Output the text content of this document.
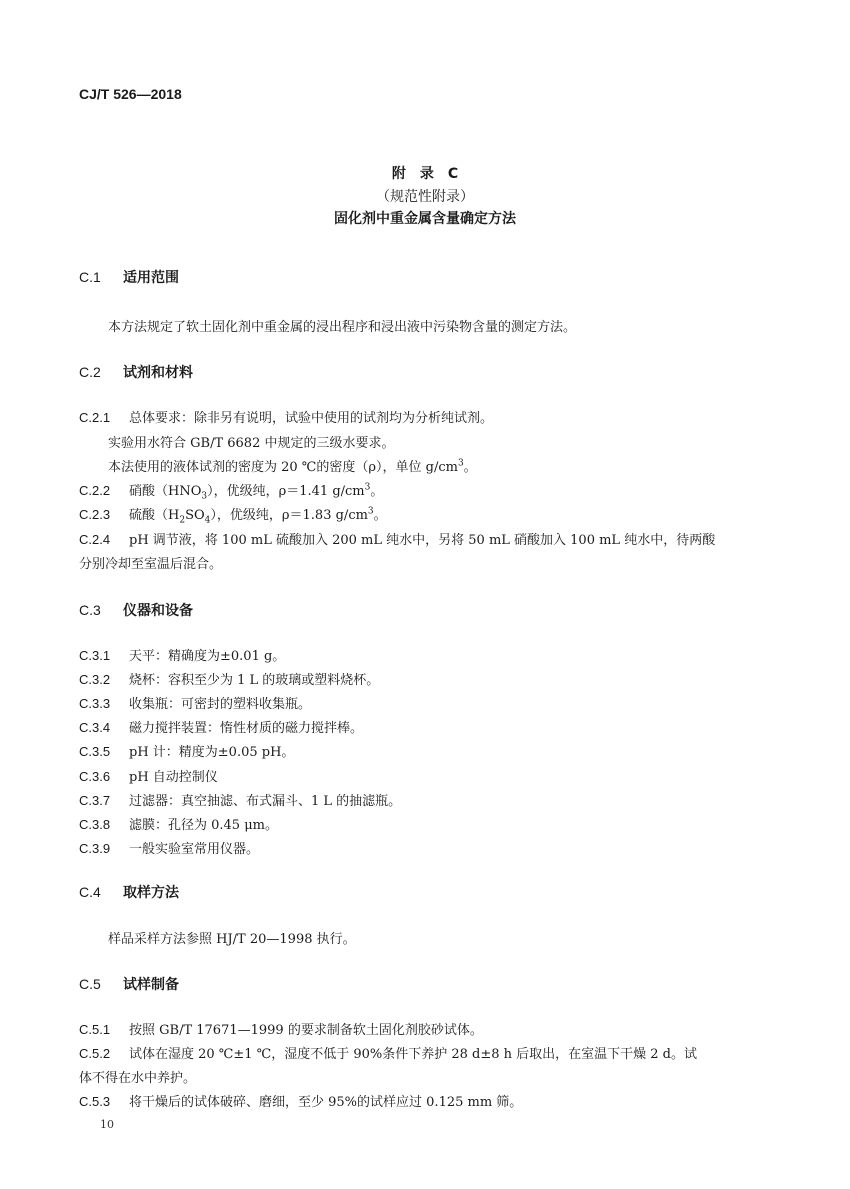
CJ/T 526—2018
附　录　C
（规范性附录）
固化剂中重金属含量确定方法
C.1 适用范围
本方法规定了软土固化剂中重金属的浸出程序和浸出液中污染物含量的测定方法。
C.2 试剂和材料
C.2.1 总体要求：除非另有说明，试验中使用的试剂均为分析纯试剂。
实验用水符合 GB/T 6682 中规定的三级水要求。
本法使用的液体试剂的密度为 20 ℃的密度（ρ），单位 $g/cm^3$。
C.2.2 硝酸$(HNO_3)$，优级纯，ρ＝1.41 $g/cm^3$。
C.2.3 硫酸$(H_2SO_4)$，优级纯，ρ＝1.83 $g/cm^3$。
C.2.4 pH 调节液，将 100 mL 硫酸加入 200 mL 纯水中，另将 50 mL 硝酸加入 100 mL 纯水中，待两酸
分别冷却至室温后混合。
C.3 仪器和设备
C.3.1 天平：精确度为±0.01 g。
C.3.2 烧杯：容积至少为 1 L 的玻璃或塑料烧杯。
C.3.3 收集瓶：可密封的塑料收集瓶。
C.3.4 磁力搅拌装置：惰性材质的磁力搅拌棒。
C.3.5 pH 计：精度为±0.05 pH。
C.3.6 pH 自动控制仪
C.3.7 过滤器：真空抽滤、布式漏斗、1 L 的抽滤瓶。
C.3.8 滤膜：孔径为 0.45 μm。
C.3.9 一般实验室常用仪器。
C.4 取样方法
样品采样方法参照 HJ/T 20—1998 执行。
C.5 试样制备
C.5.1 按照 GB/T 17671—1999 的要求制备软土固化剂胶砂试体。
C.5.2 试体在湿度 20 ℃±1 ℃，湿度不低于 90%条件下养护 28 d±8 h 后取出，在室温下干燥 2 d。试
体不得在水中养护。
C.5.3 将干燥后的试体破碎、磨细，至少 95%的试样应过 0.125 mm 筛。
10
